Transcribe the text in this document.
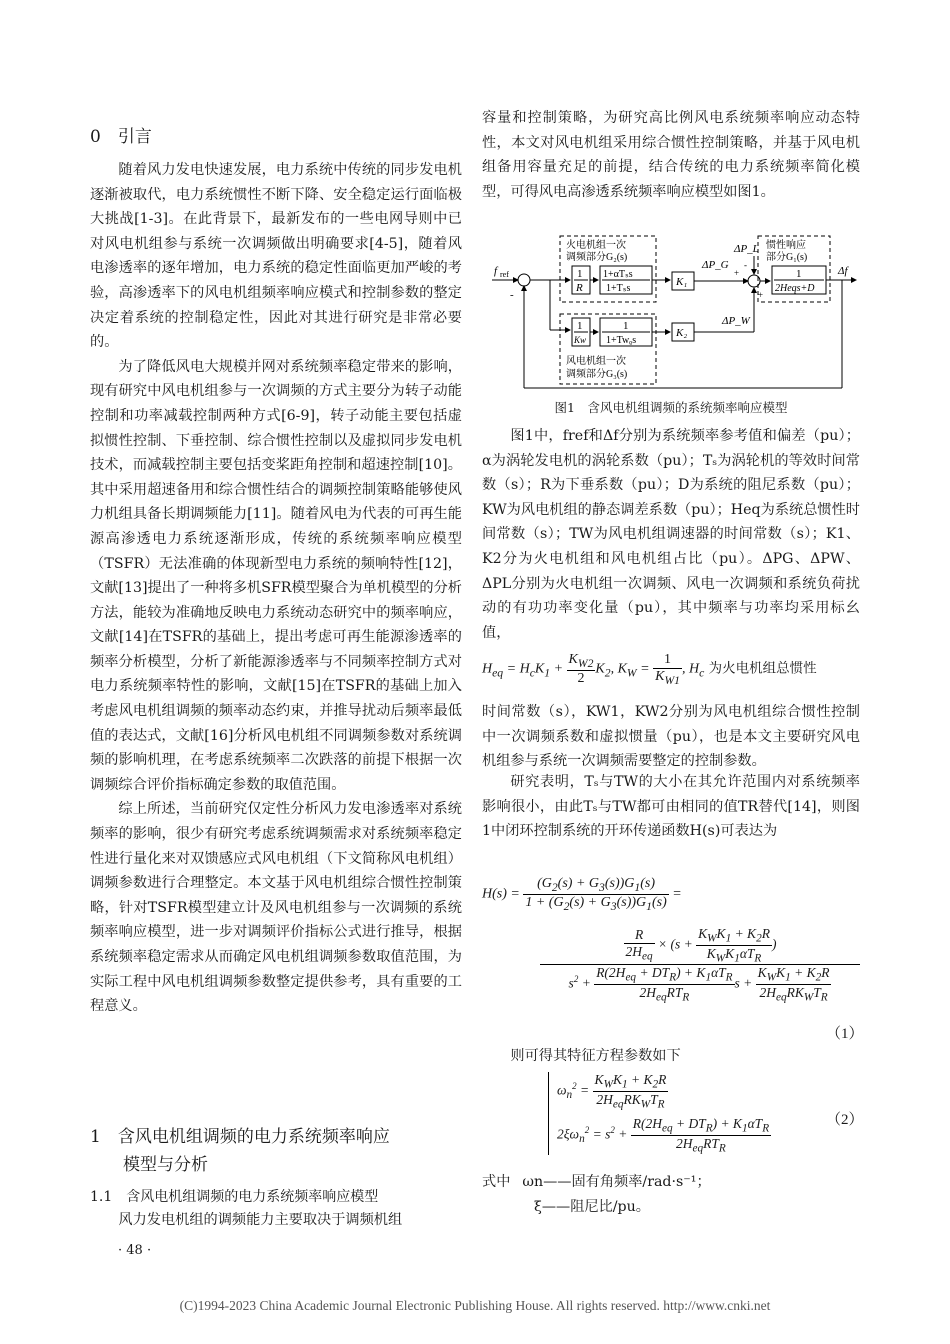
0　引言

随着风力发电快速发展，电力系统中传统的同步发电机逐渐被取代，电力系统惯性不断下降、安全稳定运行面临极大挑战[1-3]。在此背景下，最新发布的一些电网导则中已对风电机组参与系统一次调频做出明确要求[4-5]，随着风电渗透率的逐年增加，电力系统的稳定性面临更加严峻的考验，高渗透率下的风电机组频率响应模式和控制参数的整定决定着系统的控制稳定性，因此对其进行研究是非常必要的。

为了降低风电大规模并网对系统频率稳定带来的影响，现有研究中风电机组参与一次调频的方式主要分为转子动能控制和功率减载控制两种方式[6-9]，转子动能主要包括虚拟惯性控制、下垂控制、综合惯性控制以及虚拟同步发电机技术，而减载控制主要包括变桨距角控制和超速控制[10]。其中采用超速备用和综合惯性结合的调频控制策略能够使风力机组具备长期调频能力[11]。随着风电为代表的可再生能源高渗透电力系统逐渐形成，传统的系统频率响应模型（TSFR）无法准确的体现新型电力系统的频响特性[12]，文献[13]提出了一种将多机SFR模型聚合为单机模型的分析方法，能较为准确地反映电力系统动态研究中的频率响应，文献[14]在TSFR的基础上，提出考虑可再生能源渗透率的频率分析模型，分析了新能源渗透率与不同频率控制方式对电力系统频率特性的影响，文献[15]在TSFR的基础上加入考虑风电机组调频的频率动态约束，并推导扰动后频率最低值的表达式，文献[16]分析风电机组不同调频参数对系统调频的影响机理，在考虑系统频率二次跌落的前提下根据一次调频综合评价指标确定参数的取值范围。

综上所述，当前研究仅定性分析风力发电渗透率对系统频率的影响，很少有研究考虑系统调频需求对系统频率稳定性进行量化来对双馈感应式风电机组（下文简称风电机组）调频参数进行合理整定。本文基于风电机组综合惯性控制策略，针对TSFR模型建立计及风电机组参与一次调频的系统频率响应模型，进一步对调频评价指标公式进行推导，根据系统频率稳定需求从而确定风电机组调频参数取值范围，为实际工程中风电机组调频参数整定提供参考，具有重要的工程意义。

1　含风电机组调频的电力系统频率响应
模型与分析
1.1　含风电机组调频的电力系统频率响应模型

风力发电机组的调频能力主要取决于调频机组

· 48 ·

容量和控制策略，为研究高比例风电系统频率响应动态特性，本文对风电机组采用综合惯性控制策略，并基于风电机组备用容量充足的前提，结合传统的电力系统频率简化模型，可得风电高渗透系统频率响应模型如图1。

f ref
-
火电机组一次
调频部分G₂(s)
1
R
1+αTₛs
1+Tₛs
K₁
ΔP_G
1
Kw
1
1+Twᵨs
风电机组一次
调频部分G₃(s)
K₂
ΔP_W
+
+
ΔP_L
-
惯性响应
部分G₁(s)
1
2Heqs+D
Δf
图1　含风电机组调频的系统频率响应模型

图1中，fref和Δf分别为系统频率参考值和偏差（pu）；α为涡轮发电机的涡轮系数（pu）；Tₛ为涡轮机的等效时间常数（s）；R为下垂系数（pu）；D为系统的阻尼系数（pu）；KW为风电机组的静态调差系数（pu）；Heq为系统总惯性时间常数（s）；TW为风电机组调速器的时间常数（s）；K1、K2分为火电机组和风电机组占比（pu）。ΔPG、ΔPW、ΔPL分别为火电机组一次调频、风电一次调频和系统负荷扰动的有功功率变化量（pu），其中频率与功率均采用标幺值，

$H_{eq} = H_cK_1 + \frac{K_{W2}}{2} K_2$, $K_W = \frac{1}{K_{W1}}$ , $H_c$ 为火电机组总惯性

时间常数（s），KW1，KW2分别为风电机组综合惯性控制中一次调频系数和虚拟惯量（pu），也是本文主要研究风电机组参与系统一次调频需要整定的控制参数。

研究表明，Tₛ与TW的大小在其允许范围内对系统频率影响很小，由此Tₛ与TW都可由相同的值TR替代[14]，则图1中闭环控制系统的开环传递函数H(s)可表达为

$H(s) = \frac{(G_2(s) + G_3(s))G_1(s)}{1 + (G_2(s) + G_3(s))G_1(s)}$ =
R
$2H_{eq}$
× (s +
$K_WK_1 + K_2R$
$K_WK_1\alpha T_R$
)
$s^2$ +
$R(2H_{eq} + DT_R) + K_1\alpha T_R$
$2H_{eq}RT_R$
s +
$K_WK_1 + K_2R$
$2H_{eq}RK_WT_R$
（1）

则可得其特征方程参数如下

$\omega_n^2$ =
$K_WK_1 + K_2R$
$2H_{eq}RK_WT_R$
$2\xi\omega_n^2 = s^2$ +
$R(2H_{eq} + DT_R) + K_1\alpha T_R$
$2H_{eq}RT_R$
（2）
式中 ωn——固有角频率/rad·s⁻¹；
ξ——阻尼比/pu。
(C)1994-2023 China Academic Journal Electronic Publishing House. All rights reserved. http://www.cnki.net
